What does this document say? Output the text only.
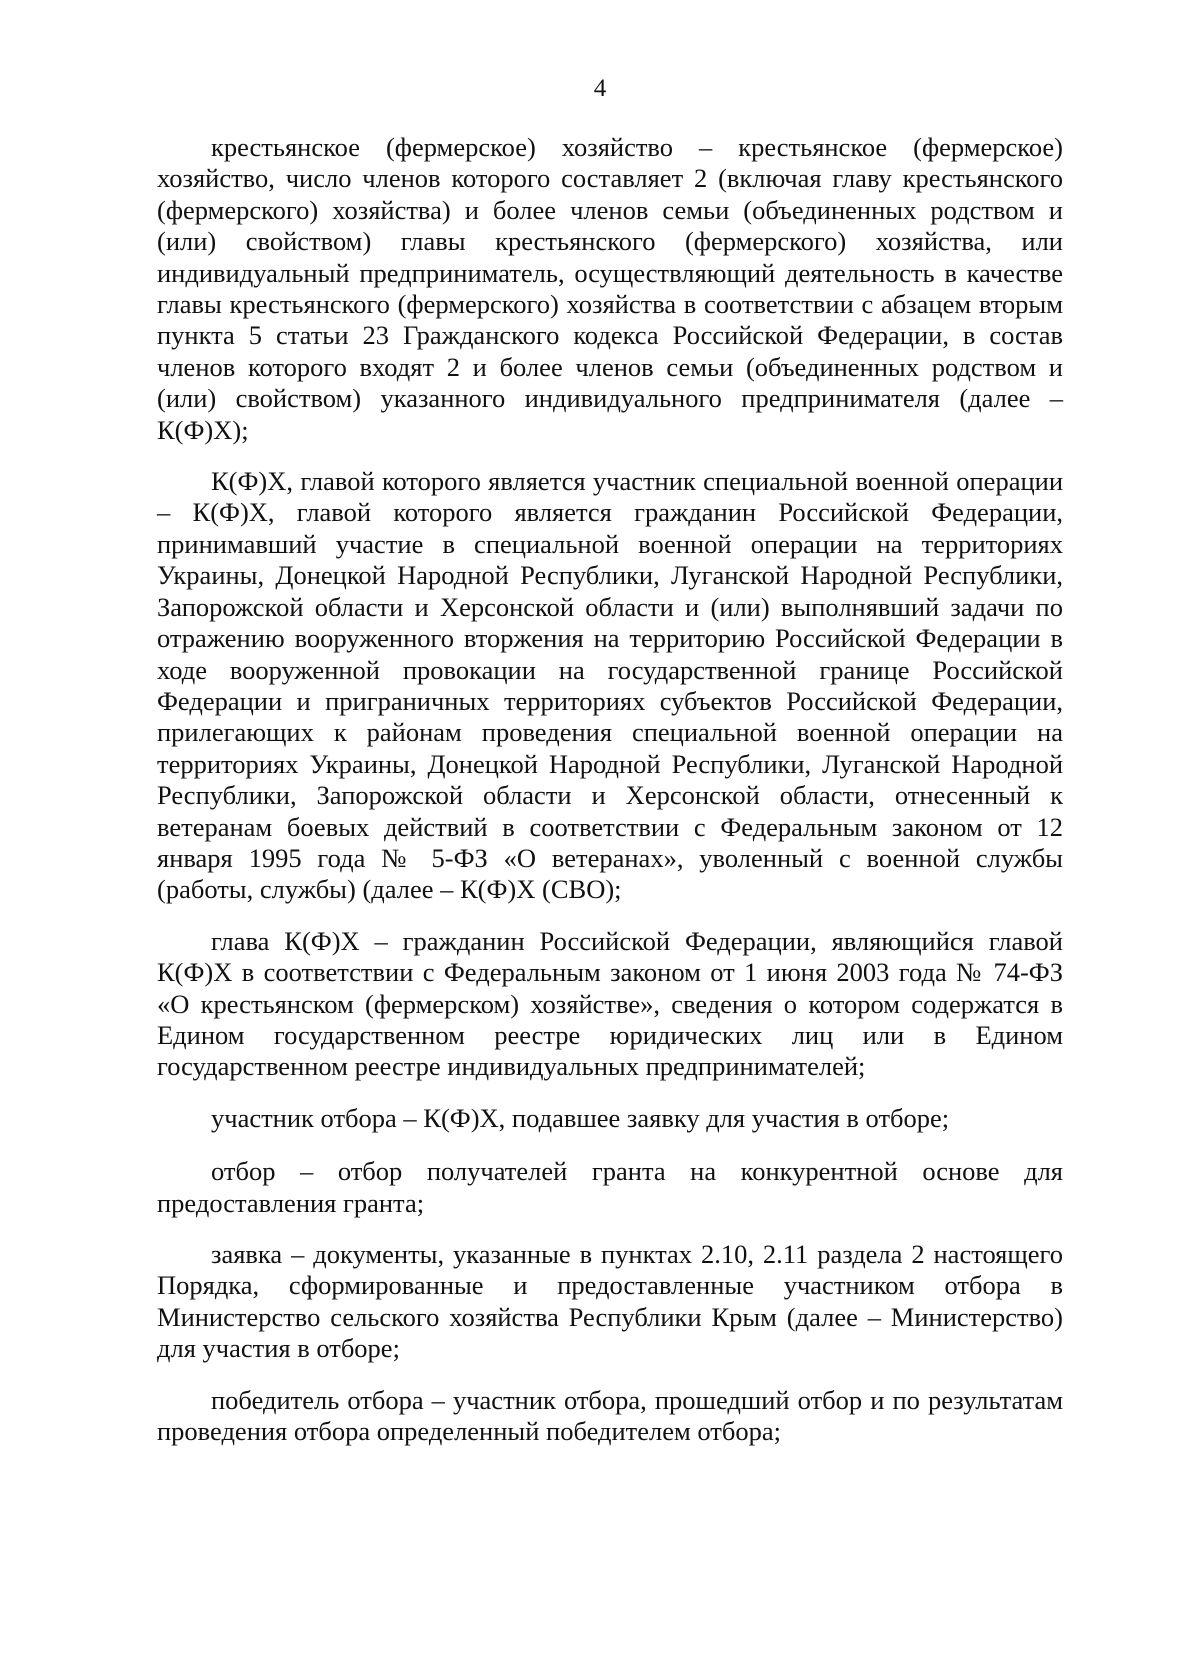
4

крестьянское (фермерское) хозяйство – крестьянское (фермерское) хозяйство, число членов которого составляет 2 (включая главу крестьянского (фермерского) хозяйства) и более членов семьи (объединенных родством и (или) свойством) главы крестьянского (фермерского) хозяйства, или индивидуальный предприниматель, осуществляющий деятельность в качестве главы крестьянского (фермерского) хозяйства в соответствии с абзацем вторым пункта 5 статьи 23 Гражданского кодекса Российской Федерации, в состав членов которого входят 2 и более членов семьи (объединенных родством и (или) свойством) указанного индивидуального предпринимателя (далее – К(Ф)Х);

К(Ф)Х, главой которого является участник специальной военной операции – К(Ф)Х, главой которого является гражданин Российской Федерации, принимавший участие в специальной военной операции на территориях Украины, Донецкой Народной Республики, Луганской Народной Республики, Запорожской области и Херсонской области и (или) выполнявший задачи по отражению вооруженного вторжения на территорию Российской Федерации в ходе вооруженной провокации на государственной границе Российской Федерации и приграничных территориях субъектов Российской Федерации, прилегающих к районам проведения специальной военной операции на территориях Украины, Донецкой Народной Республики, Луганской Народной Республики, Запорожской области и Херсонской области, отнесенный к ветеранам боевых действий в соответствии с Федеральным законом от 12 января 1995 года № 5-ФЗ «О ветеранах», уволенный с военной службы (работы, службы) (далее – К(Ф)Х (СВО);

глава К(Ф)Х – гражданин Российской Федерации, являющийся главой К(Ф)Х в соответствии с Федеральным законом от 1 июня 2003 года № 74-ФЗ «О крестьянском (фермерском) хозяйстве», сведения о котором содержатся в Едином государственном реестре юридических лиц или в Едином государственном реестре индивидуальных предпринимателей;

участник отбора – К(Ф)Х, подавшее заявку для участия в отборе;

отбор – отбор получателей гранта на конкурентной основе для предоставления гранта;

заявка – документы, указанные в пунктах 2.10, 2.11 раздела 2 настоящего Порядка, сформированные и предоставленные участником отбора в Министерство сельского хозяйства Республики Крым (далее – Министерство) для участия в отборе;

победитель отбора – участник отбора, прошедший отбор и по результатам проведения отбора определенный победителем отбора;
